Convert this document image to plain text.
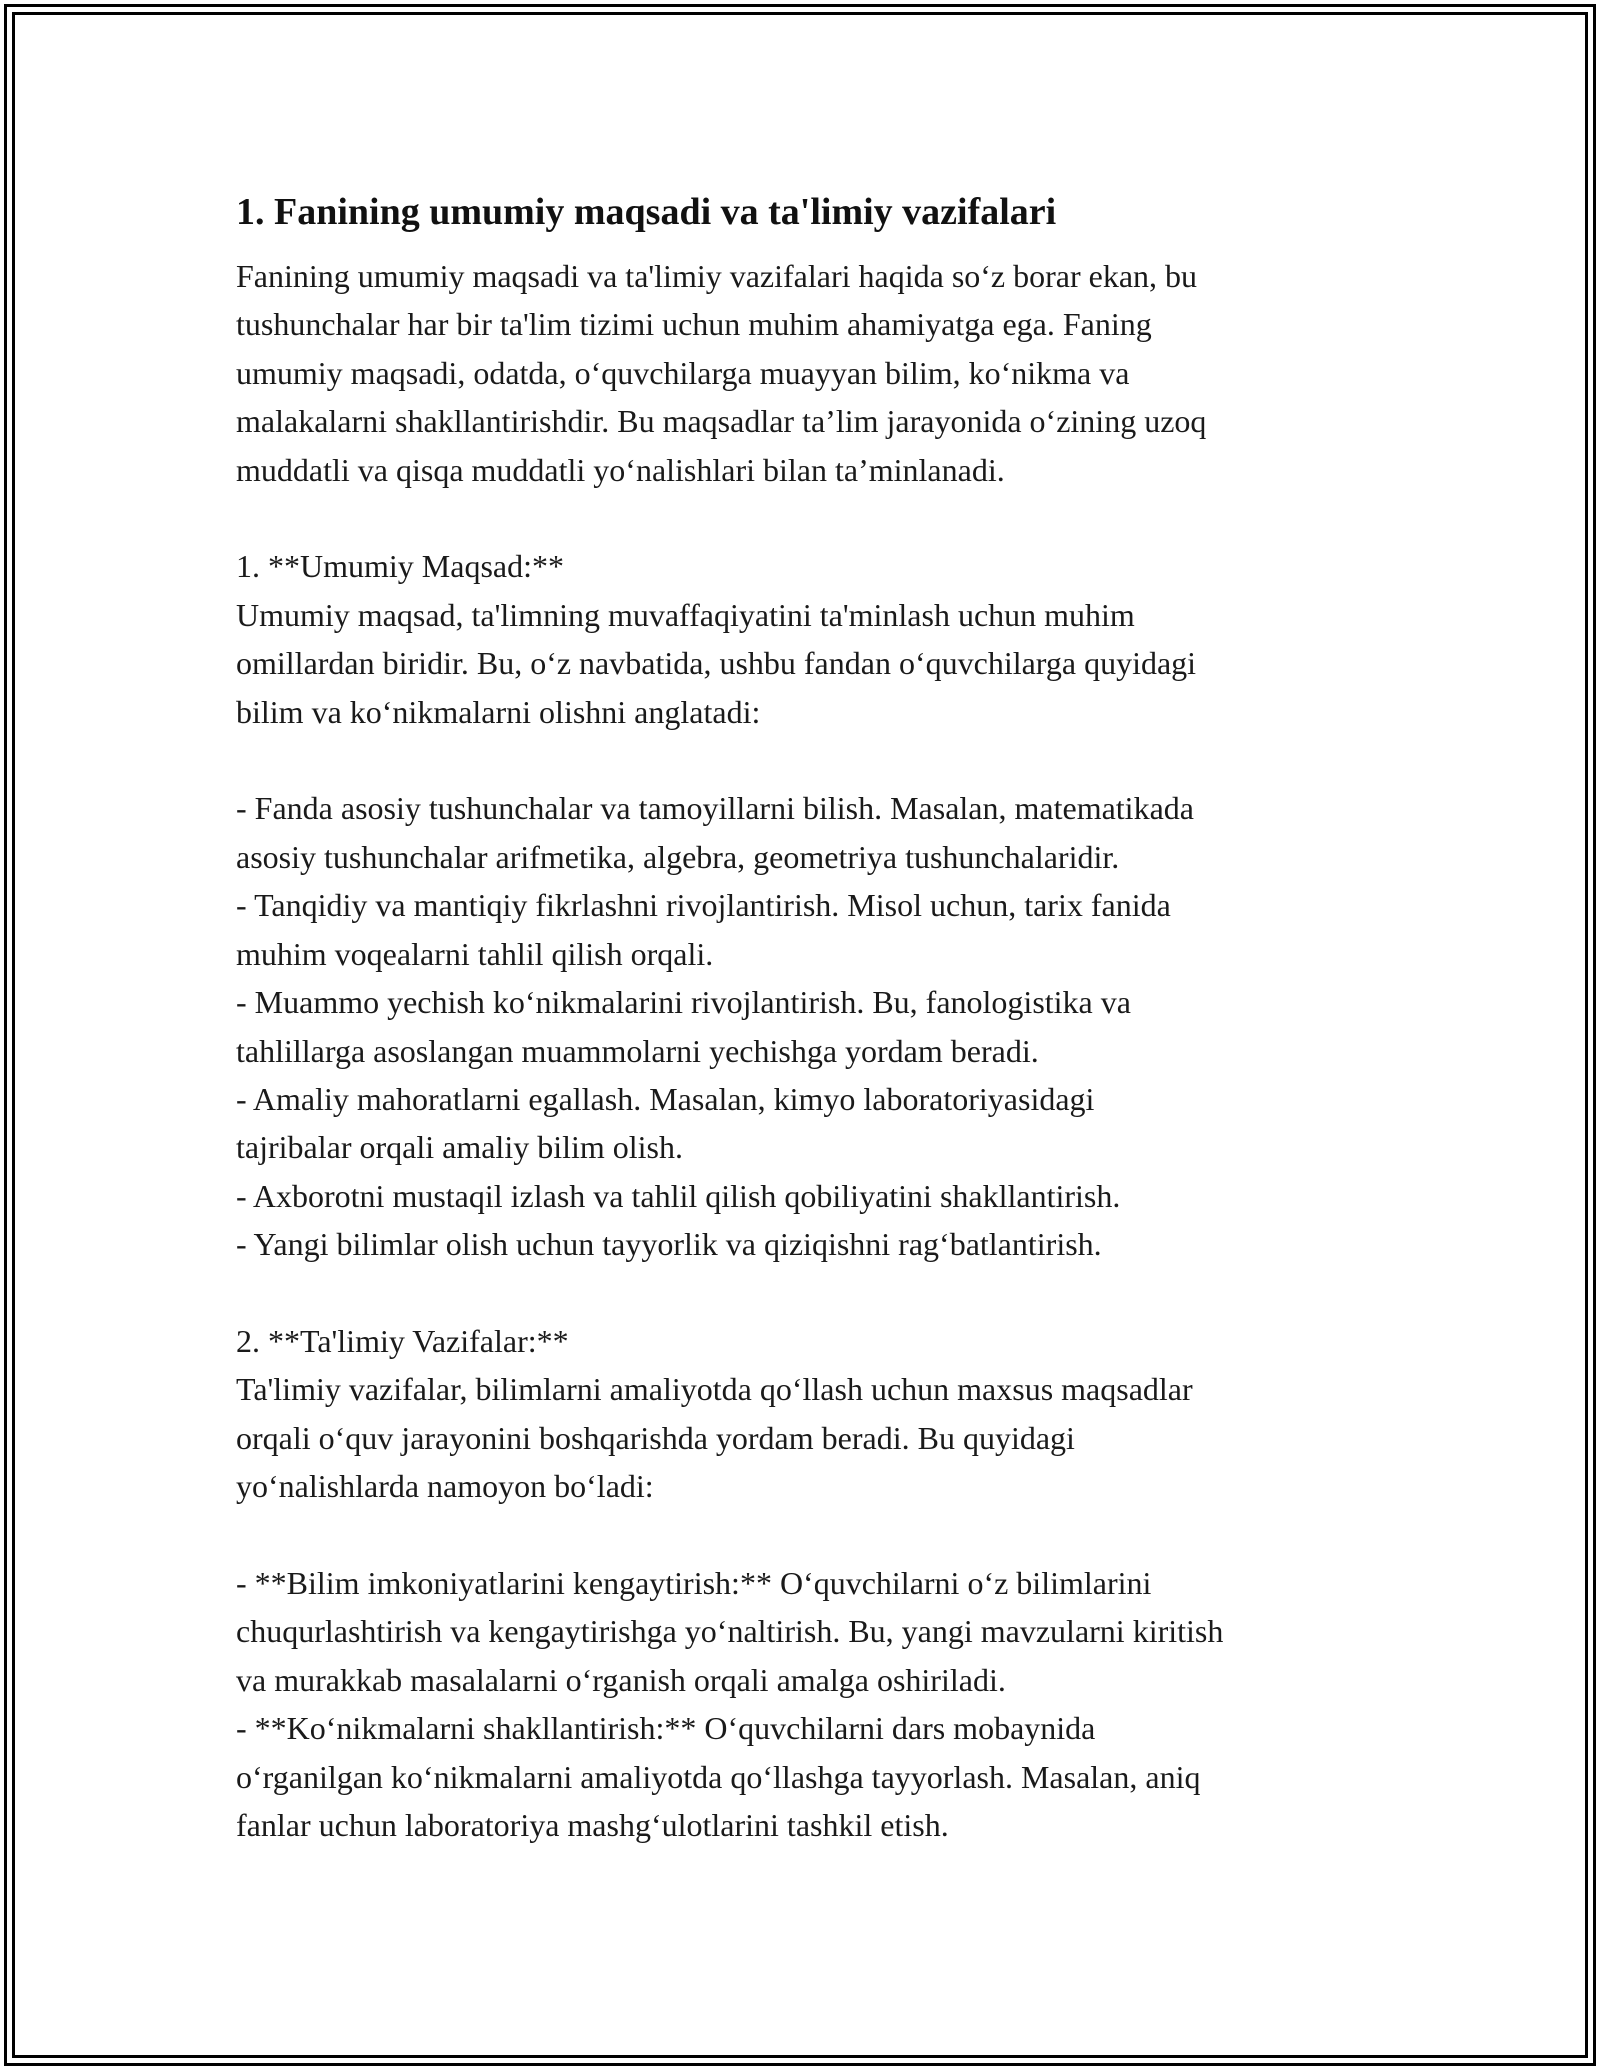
1. Fanining umumiy maqsadi va ta'limiy vazifalari
Fanining umumiy maqsadi va ta'limiy vazifalari haqida so‘z borar ekan, bu
tushunchalar har bir ta'lim tizimi uchun muhim ahamiyatga ega. Faning
umumiy maqsadi, odatda, o‘quvchilarga muayyan bilim, ko‘nikma va
malakalarni shakllantirishdir. Bu maqsadlar ta’lim jarayonida o‘zining uzoq
muddatli va qisqa muddatli yo‘nalishlari bilan ta’minlanadi.

1. **Umumiy Maqsad:**
Umumiy maqsad, ta'limning muvaffaqiyatini ta'minlash uchun muhim
omillardan biridir. Bu, o‘z navbatida, ushbu fandan o‘quvchilarga quyidagi
bilim va ko‘nikmalarni olishni anglatadi:

- Fanda asosiy tushunchalar va tamoyillarni bilish. Masalan, matematikada
asosiy tushunchalar arifmetika, algebra, geometriya tushunchalaridir.
- Tanqidiy va mantiqiy fikrlashni rivojlantirish. Misol uchun, tarix fanida
muhim voqealarni tahlil qilish orqali.
- Muammo yechish ko‘nikmalarini rivojlantirish. Bu, fanologistika va
tahlillarga asoslangan muammolarni yechishga yordam beradi.
- Amaliy mahoratlarni egallash. Masalan, kimyo laboratoriyasidagi
tajribalar orqali amaliy bilim olish.
- Axborotni mustaqil izlash va tahlil qilish qobiliyatini shakllantirish.
- Yangi bilimlar olish uchun tayyorlik va qiziqishni rag‘batlantirish.

2. **Ta'limiy Vazifalar:**
Ta'limiy vazifalar, bilimlarni amaliyotda qo‘llash uchun maxsus maqsadlar
orqali o‘quv jarayonini boshqarishda yordam beradi. Bu quyidagi
yo‘nalishlarda namoyon bo‘ladi:

- **Bilim imkoniyatlarini kengaytirish:** O‘quvchilarni o‘z bilimlarini
chuqurlashtirish va kengaytirishga yo‘naltirish. Bu, yangi mavzularni kiritish
va murakkab masalalarni o‘rganish orqali amalga oshiriladi.
- **Ko‘nikmalarni shakllantirish:** O‘quvchilarni dars mobaynida
o‘rganilgan ko‘nikmalarni amaliyotda qo‘llashga tayyorlash. Masalan, aniq
fanlar uchun laboratoriya mashg‘ulotlarini tashkil etish.
